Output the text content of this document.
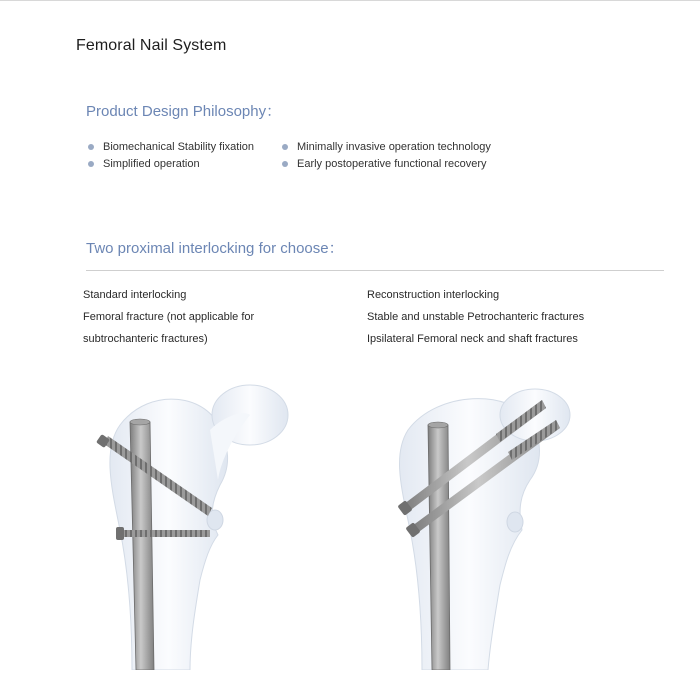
Femoral Nail System
Product Design Philosophy：
Biomechanical Stability fixation
Simplified operation
Minimally invasive operation technology
Early postoperative functional recovery
Two proximal interlocking for choose：
Standard interlocking
Femoral fracture (not applicable for
subtrochanteric fractures)
Reconstruction interlocking
Stable and unstable Petrochanteric fractures
Ipsilateral Femoral neck and shaft fractures
